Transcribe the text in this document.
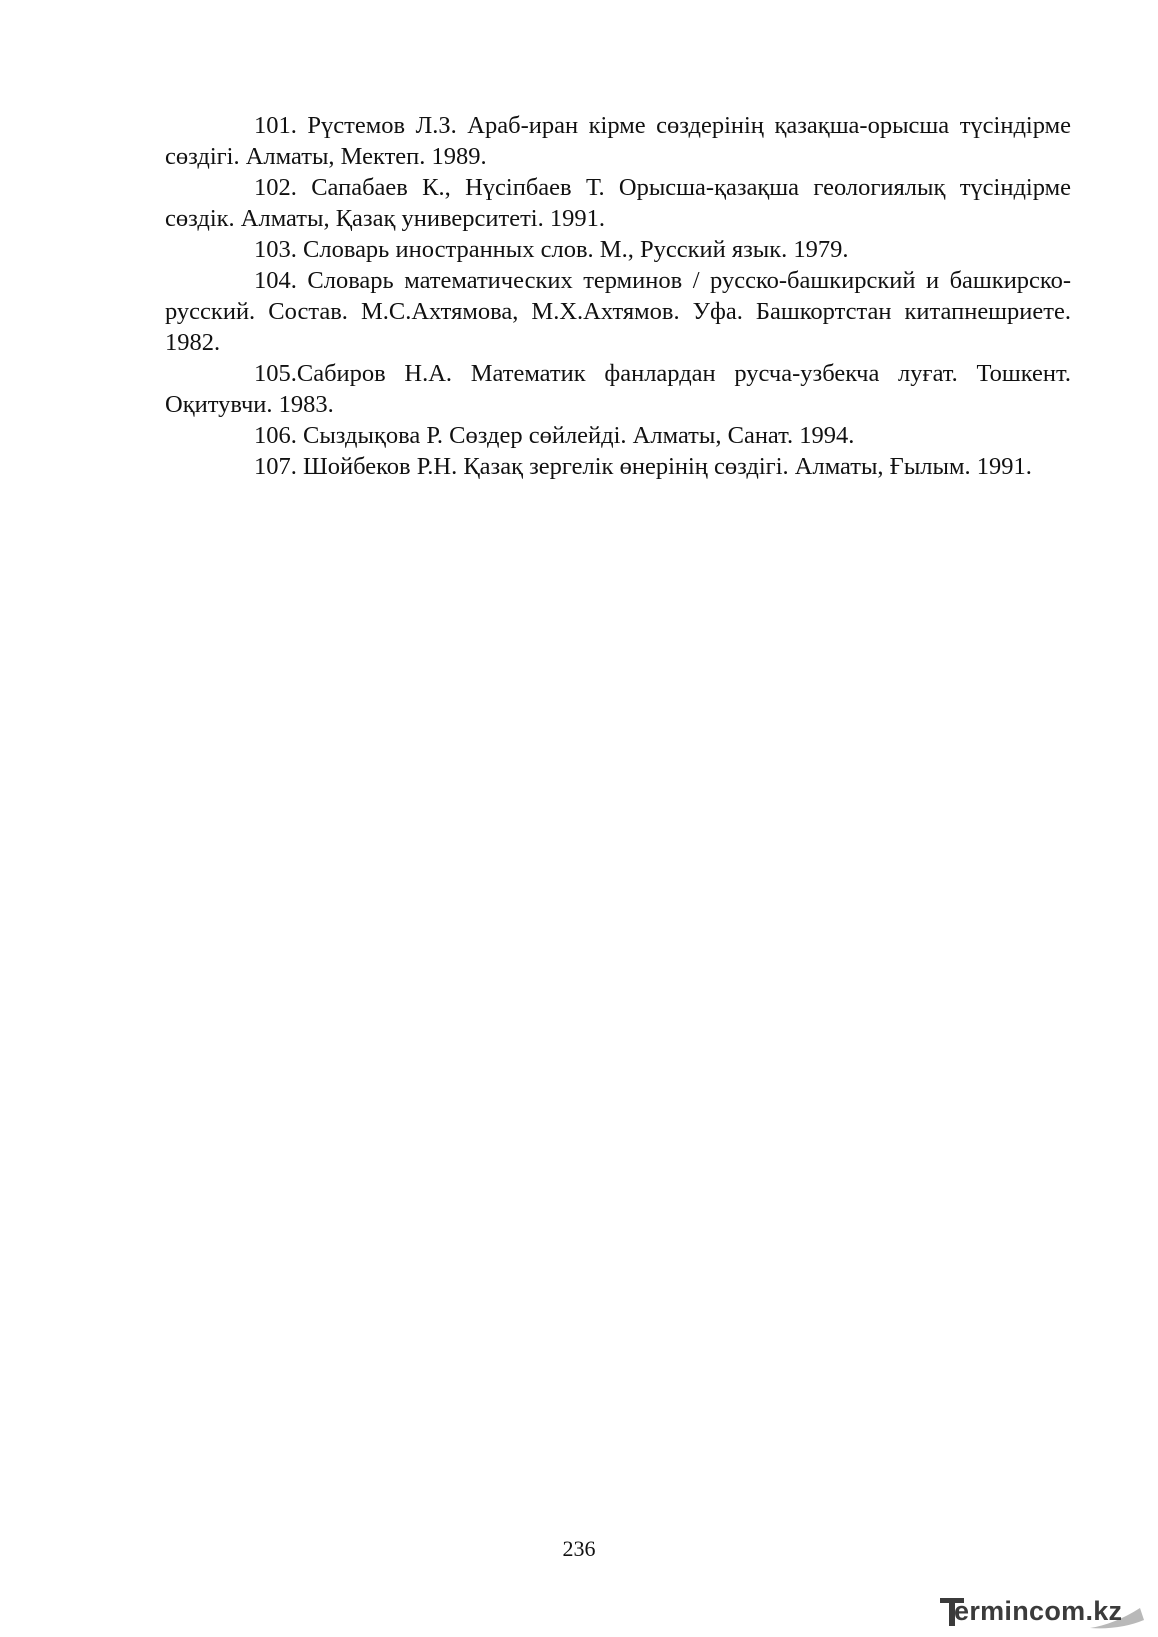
101. Рүстемов Л.З. Араб-иран кірме сөздерінің қазақша-орысша түсіндірме сөздігі. Алматы, Мектеп. 1989.

102. Сапабаев К., Нүсіпбаев Т. Орысша-қазақша геологиялық түсіндірме сөздік. Алматы, Қазақ университеті. 1991.

103. Словарь иностранных слов. М., Русский язык. 1979.

104. Словарь математических терминов / русско-башкирский и башкирско-русский. Состав. М.С.Ахтямова, М.Х.Ахтямов. Уфа. Башкортстан китапнешриете. 1982.

105.Сабиров Н.А. Математик фанлардан русча-узбекча луғат. Тошкент. Оқитувчи. 1983.

106. Сыздықова Р. Сөздер сөйлейді. Алматы, Санат. 1994.

107. Шойбеков Р.Н. Қазақ зергелік өнерінің сөздігі. Алматы, Ғылым. 1991.

236
ermincom.kz
